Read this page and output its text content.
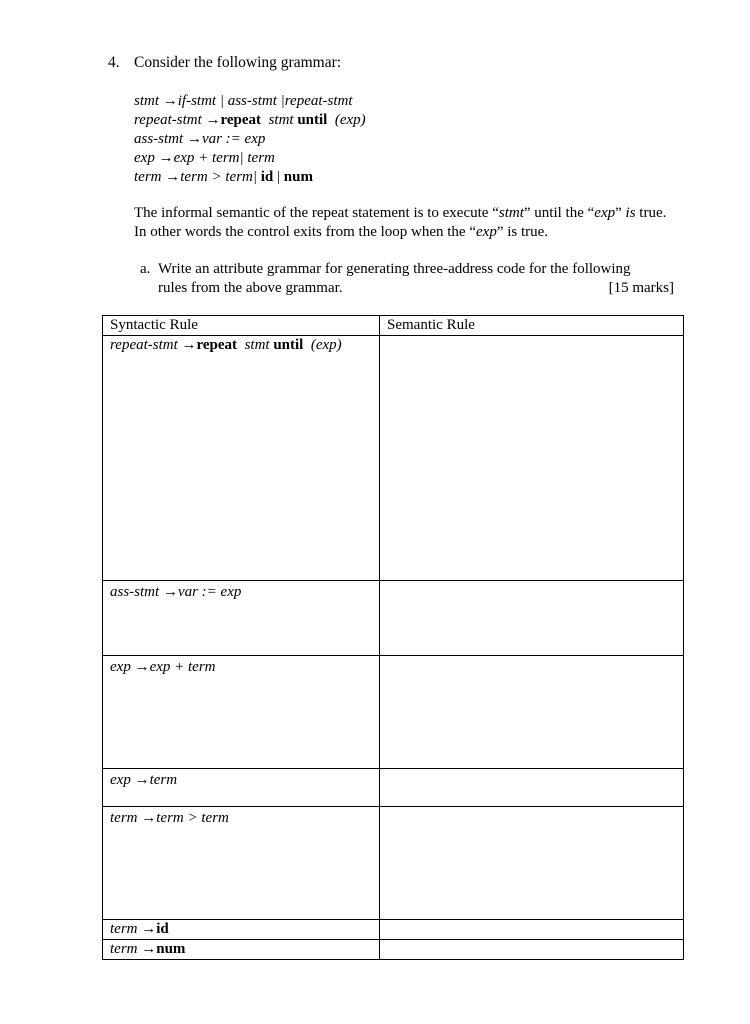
4. Consider the following grammar:
stmt →if-stmt | ass-stmt |repeat-stmt
repeat-stmt →repeat stmt until (exp)
ass-stmt →var := exp
exp →exp + term| term
term →term > term| id | num
The informal semantic of the repeat statement is to execute “stmt” until the “exp” is true. In other words the control exits from the loop when the “exp” is true.
a. Write an attribute grammar for generating three-address code for the following
rules from the above grammar.	[15 marks]
Syntactic Rule	Semantic Rule
repeat-stmt →repeat stmt until (exp)	
ass-stmt →var := exp	
exp →exp + term	
exp →term	
term →term > term	
term →id	
term →num	
